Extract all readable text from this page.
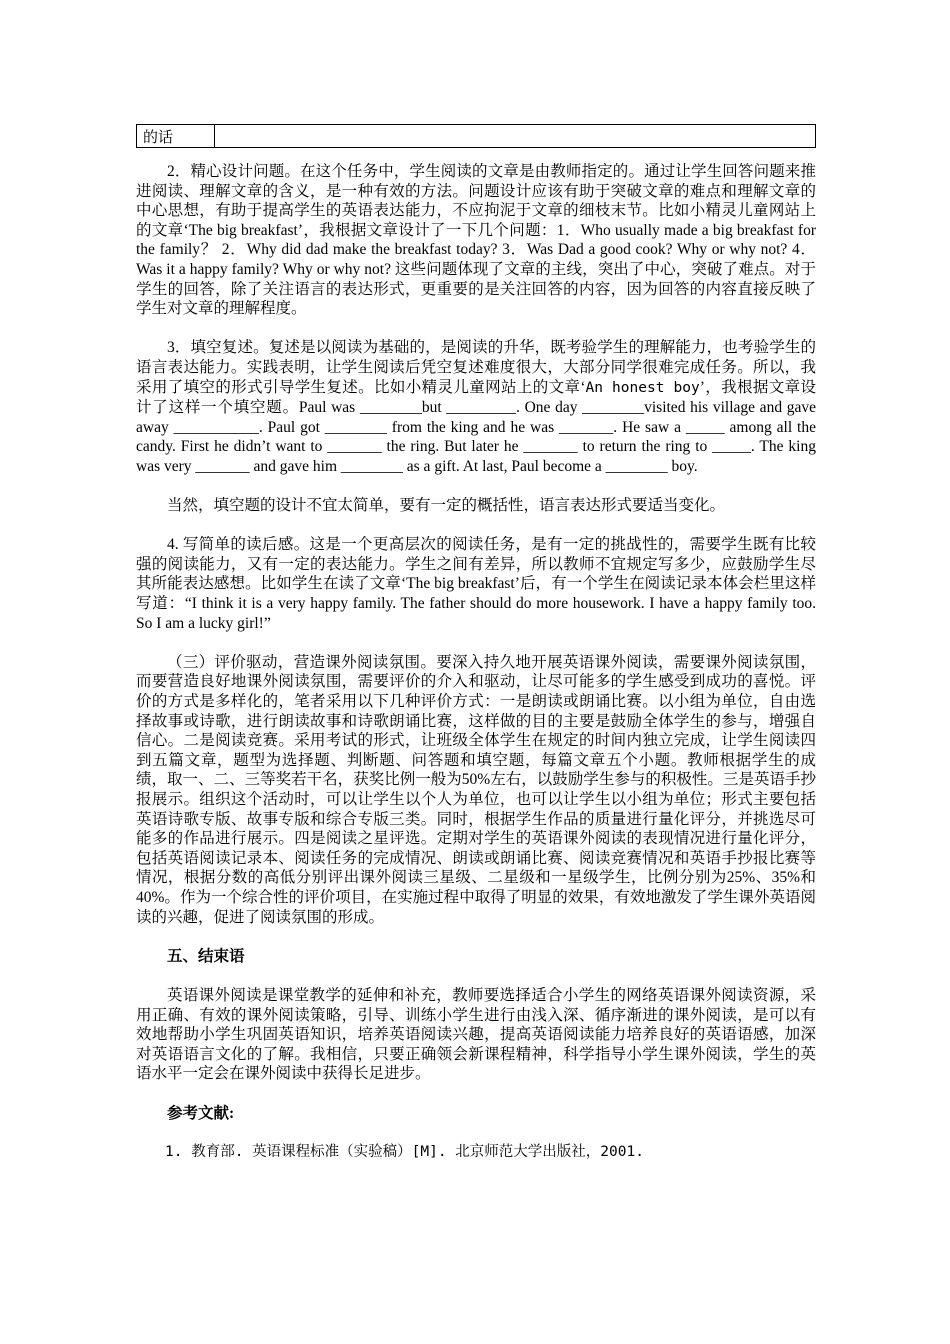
的话

2．精心设计问题。在这个任务中，学生阅读的文章是由教师指定的。通过让学生回答问题来推进阅读、理解文章的含义，是一种有效的方法。问题设计应该有助于突破文章的难点和理解文章的中心思想，有助于提高学生的英语表达能力，不应拘泥于文章的细枝末节。比如小精灵儿童网站上的文章‘The big breakfast’，我根据文章设计了一下几个问题：1．Who usually made a big breakfast for the family？ 2．Why did dad make the breakfast today? 3．Was Dad a good cook? Why or why not? 4．Was it a happy family? Why or why not? 这些问题体现了文章的主线，突出了中心，突破了难点。对于学生的回答，除了关注语言的表达形式，更重要的是关注回答的内容，因为回答的内容直接反映了学生对文章的理解程度。

3．填空复述。复述是以阅读为基础的，是阅读的升华，既考验学生的理解能力，也考验学生的语言表达能力。实践表明，让学生阅读后凭空复述难度很大，大部分同学很难完成任务。所以，我采用了填空的形式引导学生复述。比如小精灵儿童网站上的文章‘An honest boy’，我根据文章设计了这样一个填空题。Paul was ________but _________. One day ________visited his village and gave away ___________. Paul got ________ from the king and he was _______. He saw a _____ among all the candy. First he didn’t want to _______ the ring. But later he _______ to return the ring to _____. The king was very _______ and gave him ________ as a gift. At last, Paul become a ________ boy.

当然，填空题的设计不宜太简单，要有一定的概括性，语言表达形式要适当变化。

4. 写简单的读后感。这是一个更高层次的阅读任务，是有一定的挑战性的，需要学生既有比较强的阅读能力，又有一定的表达能力。学生之间有差异，所以教师不宜规定写多少，应鼓励学生尽其所能表达感想。比如学生在读了文章‘The big breakfast’后，有一个学生在阅读记录本体会栏里这样写道：“I think it is a very happy family. The father should do more housework. I have a happy family too. So I am a lucky girl!”

（三）评价驱动，营造课外阅读氛围。要深入持久地开展英语课外阅读，需要课外阅读氛围，而要营造良好地课外阅读氛围，需要评价的介入和驱动，让尽可能多的学生感受到成功的喜悦。评价的方式是多样化的，笔者采用以下几种评价方式：一是朗读或朗诵比赛。以小组为单位，自由选择故事或诗歌，进行朗读故事和诗歌朗诵比赛，这样做的目的主要是鼓励全体学生的参与，增强自信心。二是阅读竞赛。采用考试的形式，让班级全体学生在规定的时间内独立完成，让学生阅读四到五篇文章，题型为选择题、判断题、问答题和填空题，每篇文章五个小题。教师根据学生的成绩，取一、二、三等奖若干名，获奖比例一般为50%左右，以鼓励学生参与的积极性。三是英语手抄报展示。组织这个活动时，可以让学生以个人为单位，也可以让学生以小组为单位；形式主要包括英语诗歌专版、故事专版和综合专版三类。同时，根据学生作品的质量进行量化评分，并挑选尽可能多的作品进行展示。四是阅读之星评选。定期对学生的英语课外阅读的表现情况进行量化评分，包括英语阅读记录本、阅读任务的完成情况、朗读或朗诵比赛、阅读竞赛情况和英语手抄报比赛等情况，根据分数的高低分别评出课外阅读三星级、二星级和一星级学生，比例分别为25%、35%和40%。作为一个综合性的评价项目，在实施过程中取得了明显的效果，有效地激发了学生课外英语阅读的兴趣，促进了阅读氛围的形成。

五、结束语

英语课外阅读是课堂教学的延伸和补充，教师要选择适合小学生的网络英语课外阅读资源，采用正确、有效的课外阅读策略，引导、训练小学生进行由浅入深、循序渐进的课外阅读，是可以有效地帮助小学生巩固英语知识，培养英语阅读兴趣，提高英语阅读能力培养良好的英语语感，加深对英语语言文化的了解。我相信，只要正确领会新课程精神，科学指导小学生课外阅读，学生的英语水平一定会在课外阅读中获得长足进步。

参考文献:

1. 教育部. 英语课程标准（实验稿）[M]. 北京师范大学出版社，2001.
